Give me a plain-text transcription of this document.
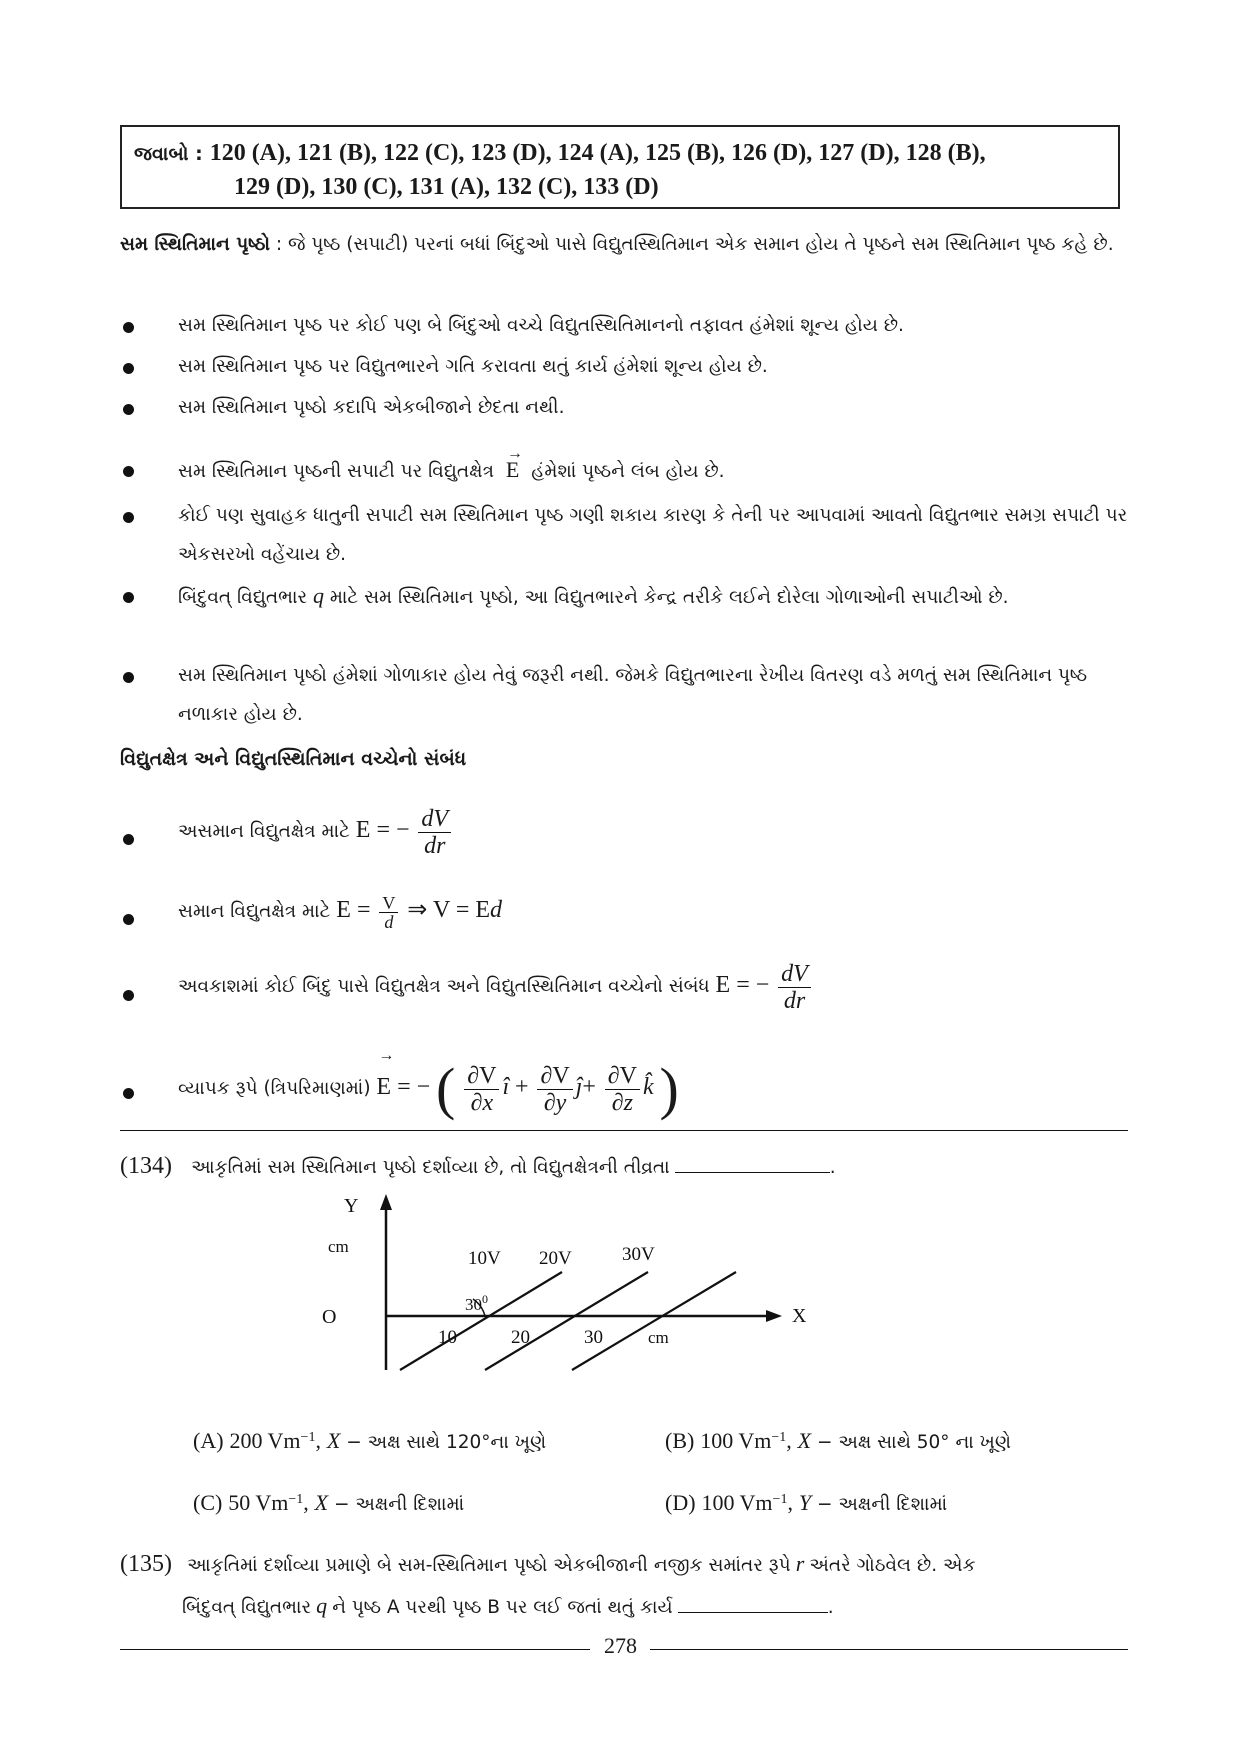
જવાબો : 120 (A), 121 (B), 122 (C), 123 (D), 124 (A), 125 (B), 126 (D), 127 (D), 128 (B),
129 (D), 130 (C), 131 (A), 132 (C), 133 (D)
સમ સ્થિતિમાન પૃષ્ઠો : જે પૃષ્ઠ (સપાટી) પરનાં બધાં બિંદુઓ પાસે વિદ્યુતસ્થિતિમાન એક સમાન હોય તે પૃષ્ઠને સમ સ્થિતિમાન પૃષ્ઠ કહે છે.
સમ સ્થિતિમાન પૃષ્ઠ પર કોઈ પણ બે બિંદુઓ વચ્ચે વિદ્યુતસ્થિતિમાનનો તફાવત હંમેશાં શૂન્ય હોય છે.
સમ સ્થિતિમાન પૃષ્ઠ પર વિદ્યુતભારને ગતિ કરાવતા થતું કાર્ય હંમેશાં શૂન્ય હોય છે.
સમ સ્થિતિમાન પૃષ્ઠો કદાપિ એકબીજાને છેદતા નથી.
સમ સ્થિતિમાન પૃષ્ઠની સપાટી પર વિદ્યુતક્ષેત્ર
→
E હંમેશાં પૃષ્ઠને લંબ હોય છે.
કોઈ પણ સુવાહક ધાતુની સપાટી સમ સ્થિતિમાન પૃષ્ઠ ગણી શકાય કારણ કે તેની પર આપવામાં આવતો વિદ્યુતભાર સમગ્ર સપાટી પર એકસરખો વહેંચાય છે.
બિંદુવત્ વિદ્યુતભાર q માટે સમ સ્થિતિમાન પૃષ્ઠો, આ વિદ્યુતભારને કેન્દ્ર તરીકે લઈને દોરેલા ગોળાઓની સપાટીઓ છે.
સમ સ્થિતિમાન પૃષ્ઠો હંમેશાં ગોળાકાર હોય તેવું જરૂરી નથી. જેમકે વિદ્યુતભારના રેખીય વિતરણ વડે મળતું સમ સ્થિતિમાન પૃષ્ઠ નળાકાર હોય છે.
વિદ્યુતક્ષેત્ર અને વિદ્યુતસ્થિતિમાન વચ્ચેનો સંબંધ
અસમાન વિદ્યુતક્ષેત્ર માટે E = − $\frac{dV}{dr}$
સમાન વિદ્યુતક્ષેત્ર માટે $E = \frac{V}{d}$ ⇒ V = Ed
અવકાશમાં કોઈ બિંદુ પાસે વિદ્યુતક્ષેત્ર અને વિદ્યુતસ્થિતિમાન વચ્ચેનો સંબંધ E = − $\frac{dV}{dr}$
વ્યાપક રૂપે (ત્રિપરિમાણમાં)
→
E = − ( $\frac{\partial V}{\partial x}$ î + $\frac{\partial V}{\partial y}$ ĵ+ $\frac{\partial V}{\partial z}$ k̂ )
(134) આકૃતિમાં સમ સ્થિતિમાન પૃષ્ઠો દર્શાવ્યા છે, તો વિદ્યુતક્ષેત્રની તીવ્રતા	.
Y
cm
O	X
cm
10	20	30
10V 20V	30V
$30^0$
(A) 200 $Vm^{-1}$, X − અક્ષ સાથે 120°ના ખૂણે	(B) 100 $Vm^{-1}$, X − અક્ષ સાથે 50° ના ખૂણે
(C) 50 $Vm^{-1}$, X − અક્ષની દિશામાં	(D) 100 $Vm^{-1}$, Y − અક્ષની દિશામાં
(135) આકૃતિમાં દર્શાવ્યા પ્રમાણે બે સમ-સ્થિતિમાન પૃષ્ઠો એકબીજાની નજીક સમાંતર રૂપે r અંતરે ગોઠવેલ છે. એક
બિંદુવત્ વિદ્યુતભાર q ને પૃષ્ઠ A પરથી પૃષ્ઠ B પર લઈ જતાં થતું કાર્ય	.
278
